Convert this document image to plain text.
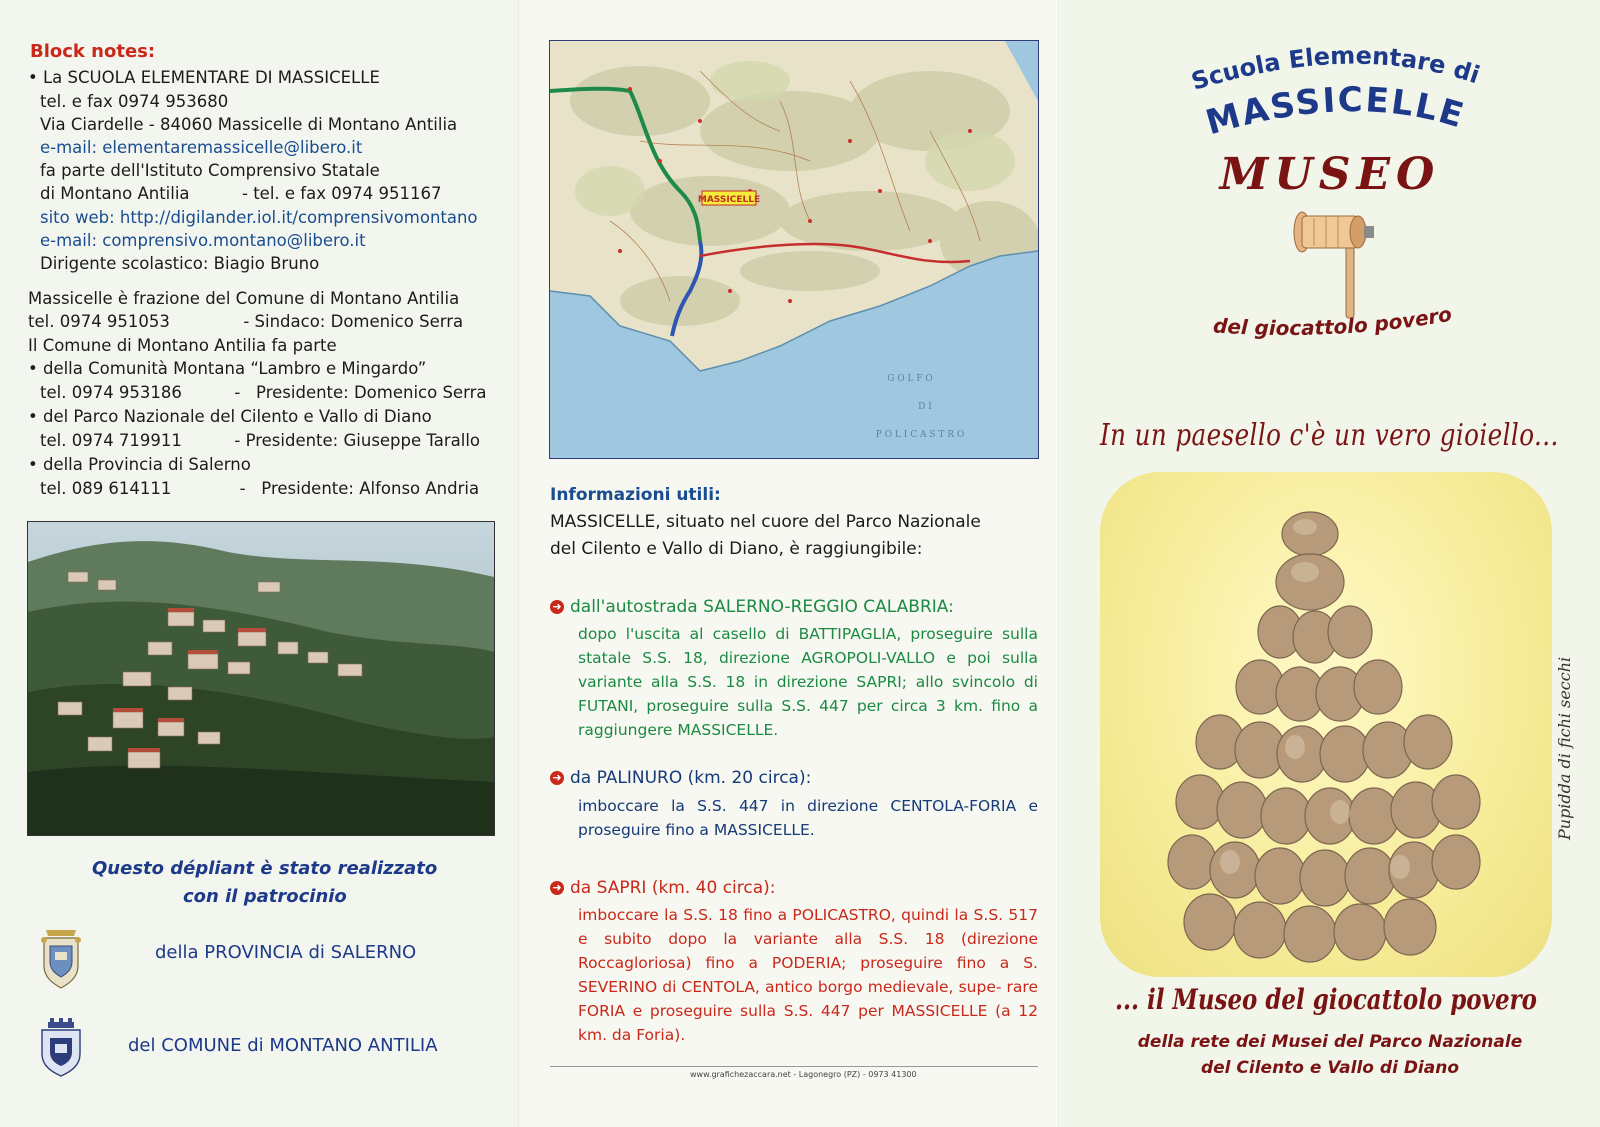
Block notes:
• La SCUOLA ELEMENTARE DI MASSICELLE
tel. e fax 0974 953680
Via Ciardelle - 84060 Massicelle di Montano Antilia
e-mail: elementaremassicelle@libero.it
fa parte dell'Istituto Comprensivo Statale
di Montano Antilia          - tel. e fax 0974 951167
sito web: http://digilander.iol.it/comprensivomontano
e-mail: comprensivo.montano@libero.it
Dirigente scolastico: Biagio Bruno
Massicelle è frazione del Comune di Montano Antilia
tel. 0974 951053              - Sindaco: Domenico Serra
Il Comune di Montano Antilia fa parte
• della Comunità Montana “Lambro e Mingardo”
tel. 0974 953186          -   Presidente: Domenico Serra
• del Parco Nazionale del Cilento e Vallo di Diano
tel. 0974 719911          - Presidente: Giuseppe Tarallo
• della Provincia di Salerno
tel. 089 614111             -   Presidente: Alfonso Andria
Questo dépliant è stato realizzato
con il patrocinio
della PROVINCIA di SALERNO
del COMUNE di MONTANO ANTILIA
MASSICELLE
G O L F O
D I
P O L I C A S T R O
Informazioni utili:
MASSICELLE, situato nel cuore del Parco Nazionale
del Cilento e Vallo di Diano, è raggiungibile:
➜ dall'autostrada SALERNO-REGGIO CALABRIA:
dopo l'uscita al casello di BATTIPAGLIA, proseguire sulla statale S.S. 18, direzione AGROPOLI-VALLO e poi sulla variante alla S.S. 18 in direzione SAPRI; allo svincolo di FUTANI, proseguire sulla S.S. 447 per circa 3 km. fino a raggiungere MASSICELLE.
➜ da PALINURO (km. 20 circa):
imboccare la S.S. 447 in direzione CENTOLA-FORIA e proseguire fino a MASSICELLE.
➜ da SAPRI (km. 40 circa):
imboccare la S.S. 18 fino a POLICASTRO, quindi la S.S. 517 e subito dopo la variante alla S.S. 18 (direzione Roccagloriosa) fino a PODERIA; proseguire fino a S. SEVERINO di CENTOLA, antico borgo medievale, supe- rare FORIA e proseguire sulla S.S. 447 per MASSICELLE (a 12 km. da Foria).
www.grafichezaccara.net - Lagonegro (PZ) - 0973 41300
Scuola Elementare di
MASSICELLE
MUSEO
del giocattolo povero
In un paesello c'è un vero gioiello...
Pupidda di fichi secchi
... il Museo del giocattolo povero
della rete dei Musei del Parco Nazionale
del Cilento e Vallo di Diano
